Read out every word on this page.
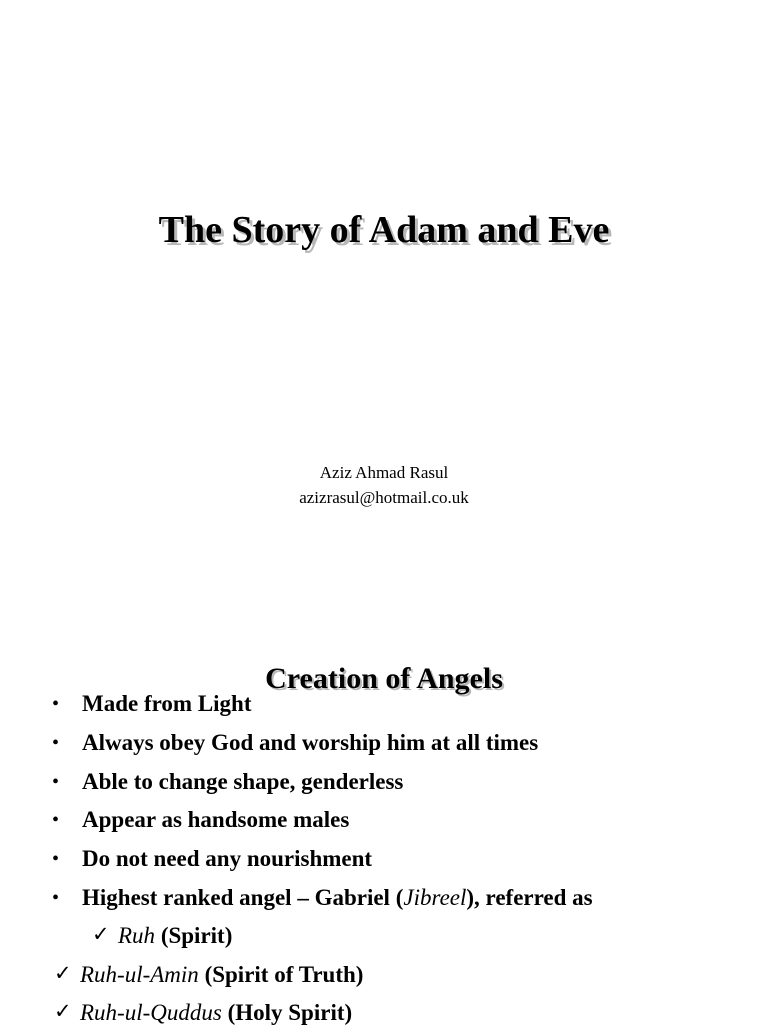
The Story of Adam and Eve
Aziz Ahmad Rasul
azizrasul@hotmail.co.uk
Creation of Angels
• Made from Light
• Always obey God and worship him at all times
• Able to change shape, genderless
• Appear as handsome males
• Do not need any nourishment
• Highest ranked angel – Gabriel (Jibreel), referred as
✓ Ruh (Spirit)
✓ Ruh-ul-Amin (Spirit of Truth)
✓ Ruh-ul-Quddus (Holy Spirit)
